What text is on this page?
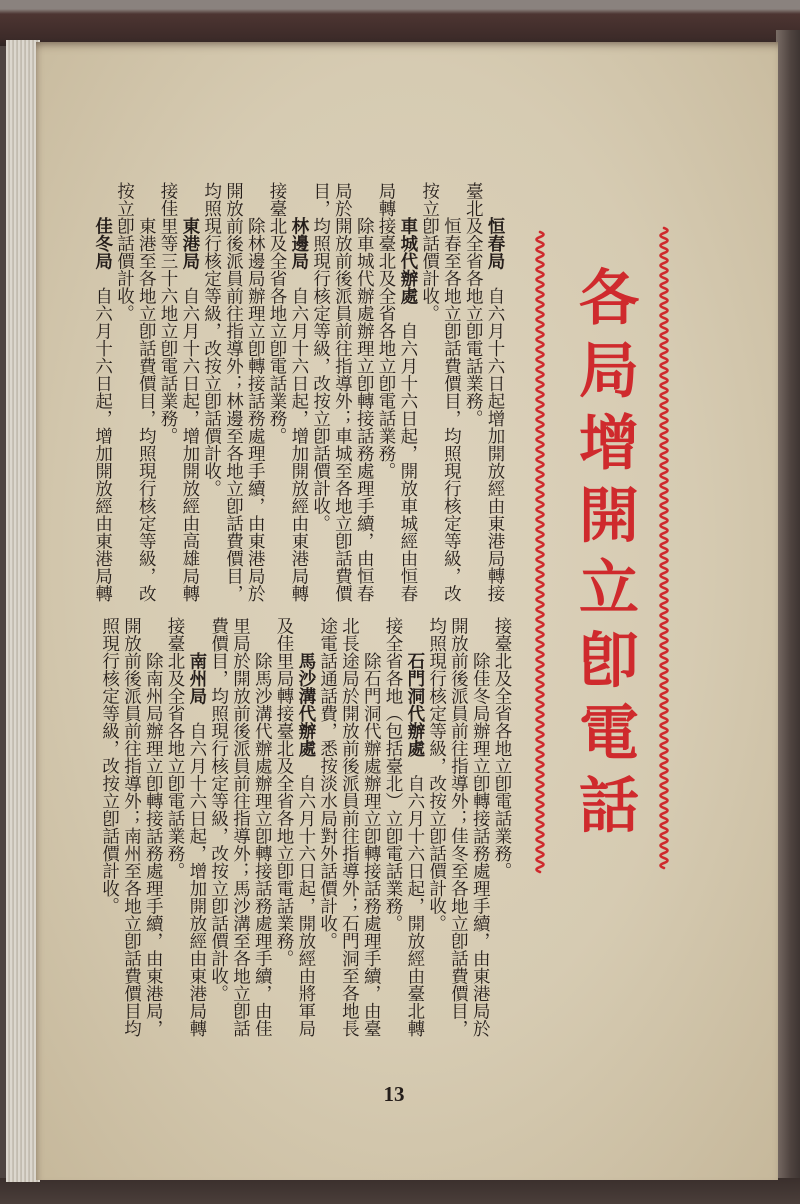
恒春局自六月十六日起增加開放經由東港局轉接
臺北及全省各地立卽電話業務。
恒春至各地立卽話費價目，均照現行核定等級，改
按立卽話價計收。
車城代辦處自六月十六日起，開放車城經由恒春
局轉接臺北及全省各地立卽電話業務。
除車城代辦處辦理立卽轉接話務處理手續，由恒春
局於開放前後派員前往指導外；車城至各地立卽話費價
目，均照現行核定等級，改按立卽話價計收。
林邊局自六月十六日起，增加開放經由東港局轉
接臺北及全省各地立卽電話業務。
除林邊局辦理立卽轉接話務處理手續，由東港局於
開放前後派員前往指導外；林邊至各地立卽話費價目，
均照現行核定等級，改按立卽話價計收。
東港局自六月十六日起，增加開放經由高雄局轉
接佳里等三十六地立卽電話業務。
東港至各地立卽話費價目，均照現行核定等級，改
按立卽話價計收。
佳冬局自六月十六日起，增加開放經由東港局轉
接臺北及全省各地立卽電話業務。
除佳冬局辦理立卽轉接話務處理手續，由東港局於
開放前後派員前往指導外；佳冬至各地立卽話費價目，
均照現行核定等級，改按立卽話價計收。
石門洞代辦處自六月十六日起，開放經由臺北轉
接全省各地（包括臺北）立卽電話業務。
除石門洞代辦處辦理立卽轉接話務處理手續，由臺
北長途局於開放前後派員前往指導外；石門洞至各地長
途電話通話費，悉按淡水局對外話價計收。
馬沙溝代辦處自六月十六日起，開放經由將軍局
及佳里局轉接臺北及全省各地立卽電話業務。
除馬沙溝代辦處辦理立卽轉接話務處理手續，由佳
里局於開放前後派員前往指導外；馬沙溝至各地立卽話
費價目，均照現行核定等級，改按立卽話價計收。
南州局自六月十六日起，增加開放經由東港局轉
接臺北及全省各地立卽電話業務。
除南州局辦理立卽轉接話務處理手續，由東港局，
開放前後派員前往指導外；南州至各地立卽話費價目均
照現行核定等級，改按立卽話價計收。	各局增開立卽電話
13
